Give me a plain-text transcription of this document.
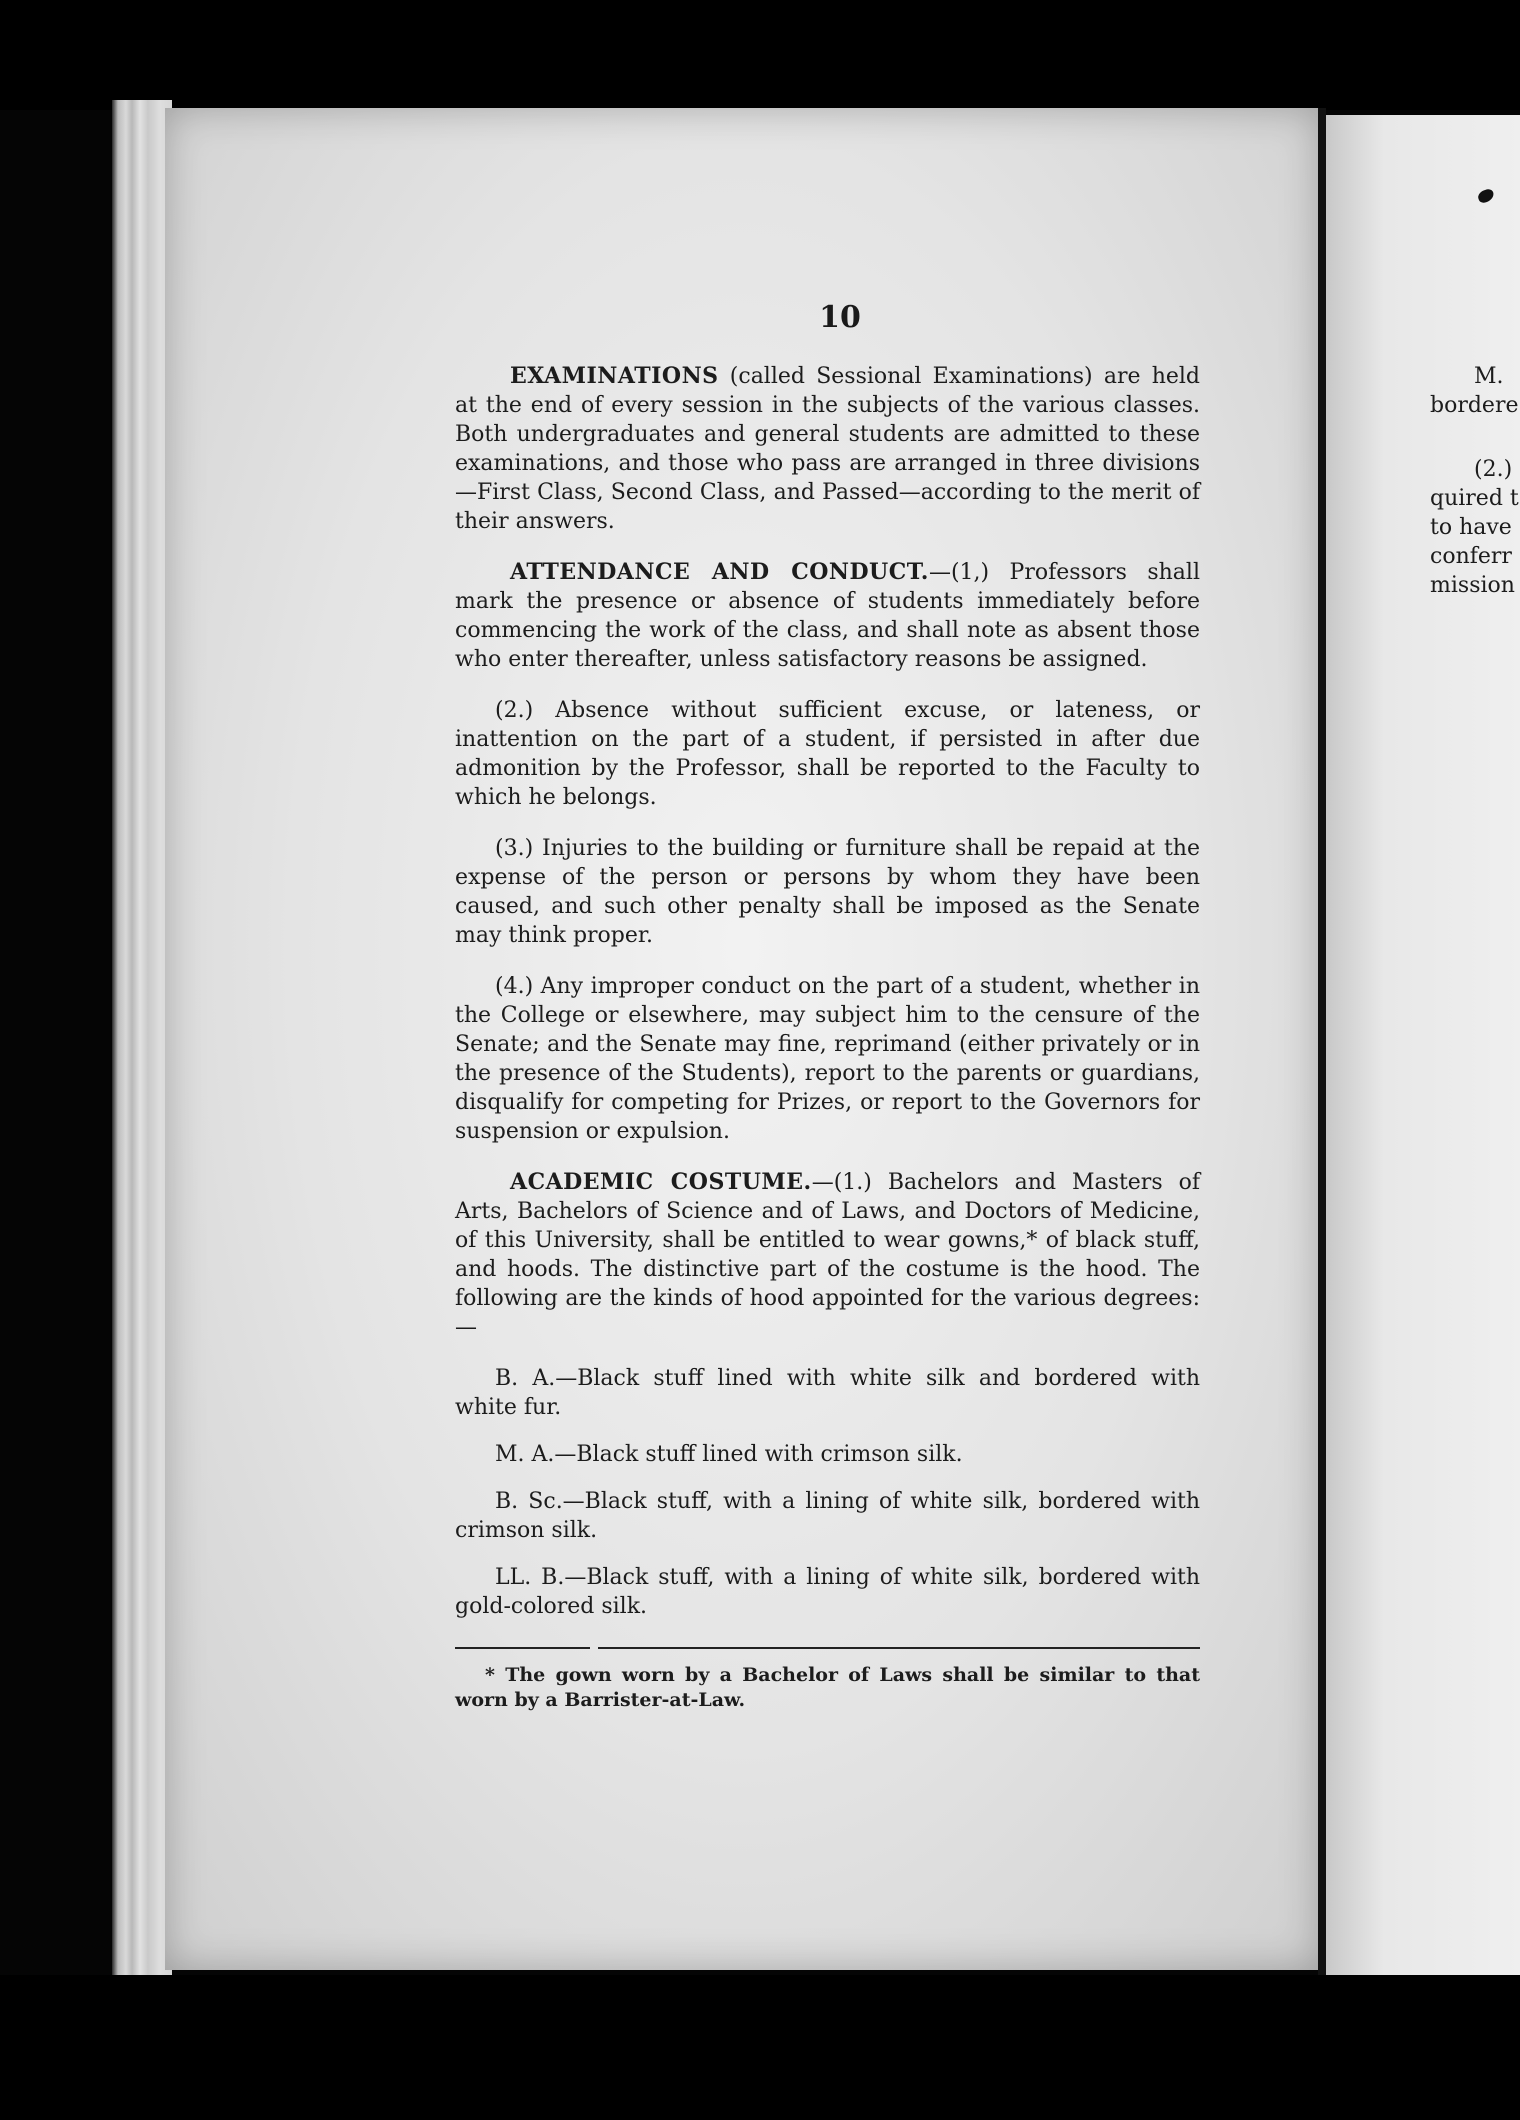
10

EXAMINATIONS (called Sessional Examinations) are held at the end of every session in the subjects of the various classes. Both undergraduates and general students are admitted to these examinations, and those who pass are arranged in three divisions—First Class, Second Class, and Passed—according to the merit of their answers.

ATTENDANCE AND CONDUCT.—(1,) Professors shall mark the presence or absence of students immediately before commencing the work of the class, and shall note as absent those who enter thereafter, unless satisfactory reasons be assigned.

(2.) Absence without sufficient excuse, or lateness, or inattention on the part of a student, if persisted in after due admonition by the Professor, shall be reported to the Faculty to which he belongs.

(3.) Injuries to the building or furniture shall be repaid at the expense of the person or persons by whom they have been caused, and such other penalty shall be imposed as the Senate may think proper.

(4.) Any improper conduct on the part of a student, whether in the College or elsewhere, may subject him to the censure of the Senate; and the Senate may fine, reprimand (either privately or in the presence of the Students), report to the parents or guardians, disqualify for competing for Prizes, or report to the Governors for suspension or expulsion.

ACADEMIC COSTUME.—(1.) Bachelors and Masters of Arts, Bachelors of Science and of Laws, and Doctors of Medicine, of this University, shall be entitled to wear gowns,* of black stuff, and hoods. The distinctive part of the costume is the hood. The following are the kinds of hood appointed for the various degrees:—

B. A.—Black stuff lined with white silk and bordered with white fur.

M. A.—Black stuff lined with crimson silk.

B. Sc.—Black stuff, with a lining of white silk, bordered with crimson silk.

LL. B.—Black stuff, with a lining of white silk, bordered with gold-colored silk.

* The gown worn by a Bachelor of Laws shall be similar to that worn by a Barrister-at-Law.

M.
bordere
(2.)
quired t
to have
conferr
mission
